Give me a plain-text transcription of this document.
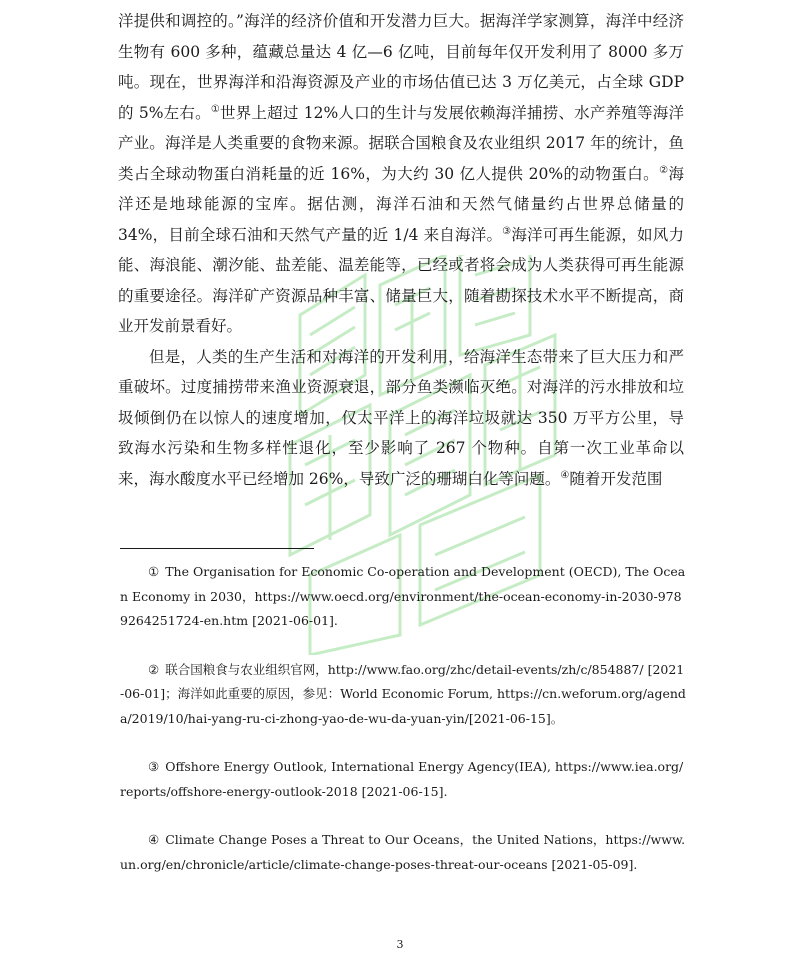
洋提供和调控的。”海洋的经济价值和开发潜力巨大。据海洋学家测算，海洋中经济生物有 600 多种，蕴藏总量达 4 亿—6 亿吨，目前每年仅开发利用了 8000 多万吨。现在，世界海洋和沿海资源及产业的市场估值已达 3 万亿美元，占全球 GDP 的 5%左右。①世界上超过 12%人口的生计与发展依赖海洋捕捞、水产养殖等海洋产业。海洋是人类重要的食物来源。据联合国粮食及农业组织 2017 年的统计，鱼类占全球动物蛋白消耗量的近 16%，为大约 30 亿人提供 20%的动物蛋白。②海洋还是地球能源的宝库。据估测，海洋石油和天然气储量约占世界总储量的 34%，目前全球石油和天然气产量的近 1/4 来自海洋。③海洋可再生能源，如风力能、海浪能、潮汐能、盐差能、温差能等，已经或者将会成为人类获得可再生能源的重要途径。海洋矿产资源品种丰富、储量巨大，随着勘探技术水平不断提高，商业开发前景看好。

但是，人类的生产生活和对海洋的开发利用，给海洋生态带来了巨大压力和严重破坏。过度捕捞带来渔业资源衰退，部分鱼类濒临灭绝。对海洋的污水排放和垃圾倾倒仍在以惊人的速度增加，仅太平洋上的海洋垃圾就达 350 万平方公里，导致海水污染和生物多样性退化，至少影响了 267 个物种。自第一次工业革命以来，海水酸度水平已经增加 26%，导致广泛的珊瑚白化等问题。④随着开发范围

① The Organisation for Economic Co-operation and Development (OECD), The Ocean Economy in 2030，https://www.oecd.org/environment/the-ocean-economy-in-2030-9789264251724-en.htm [2021-06-01].

② 联合国粮食与农业组织官网，http://www.fao.org/zhc/detail-events/zh/c/854887/ [2021-06-01]；海洋如此重要的原因，参见：World Economic Forum, https://cn.weforum.org/agenda/2019/10/hai-yang-ru-ci-zhong-yao-de-wu-da-yuan-yin/[2021-06-15]。

③ Offshore Energy Outlook, International Energy Agency(IEA), https://www.iea.org/reports/offshore-energy-outlook-2018 [2021-06-15].

④ Climate Change Poses a Threat to Our Oceans，the United Nations，https://www.un.org/en/chronicle/article/climate-change-poses-threat-our-oceans [2021-05-09].

3
